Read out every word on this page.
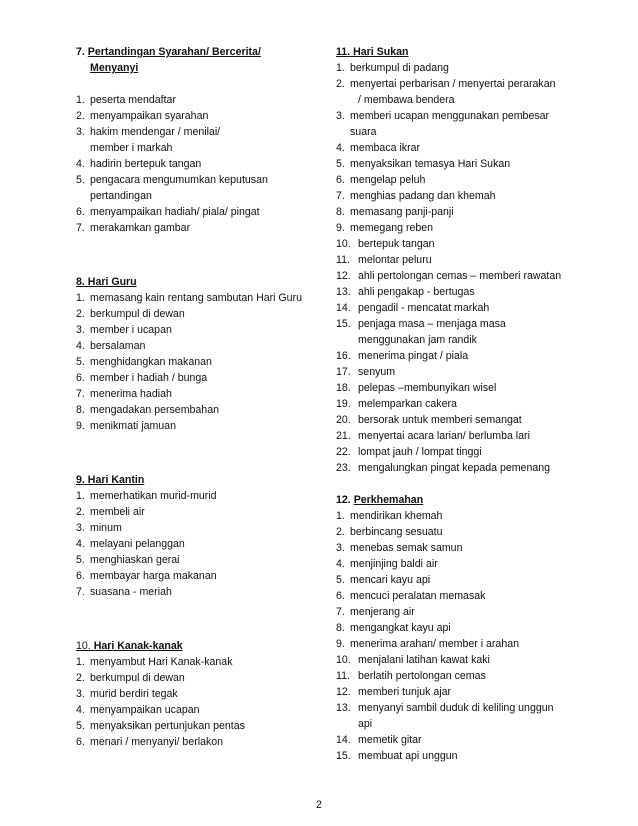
7. Pertandingan Syarahan/ Bercerita/
Menyanyi
1. peserta mendaftar
2. menyampaikan syarahan
3. hakim mendengar / menilai/
member i markah
4. hadirin bertepuk tangan
5. pengacara mengumumkan keputusan
pertandingan
6. menyampaikan hadiah/ piala/ pingat
7. merakamkan gambar
8. Hari Guru
1. memasang kain rentang sambutan Hari Guru
2. berkumpul di dewan
3. member i ucapan
4. bersalaman
5. menghidangkan makanan
6. member i hadiah / bunga
7. menerima hadiah
8. mengadakan persembahan
9. menikmati jamuan
9. Hari Kantin
1. memerhatikan murid-murid
2. membeli air
3. minum
4. melayani pelanggan
5. menghiaskan gerai
6. membayar harga makanan
7. suasana - meriah
10. Hari Kanak-kanak
1. menyambut Hari Kanak-kanak
2. berkumpul di dewan
3. murid berdiri tegak
4. menyampaikan ucapan
5. menyaksikan pertunjukan pentas
6. menari / menyanyi/ berlakon
11. Hari Sukan
1. berkumpul di padang
2. menyertai perbarisan / menyertai perarakan
/ membawa bendera
3. memberi ucapan menggunakan pembesar
suara
4. membaca ikrar
5. menyaksikan temasya Hari Sukan
6. mengelap peluh
7. menghias padang dan khemah
8. memasang panji-panji
9. memegang reben
10. bertepuk tangan
11. melontar peluru
12. ahli pertolongan cemas – memberi rawatan
13. ahli pengakap - bertugas
14. pengadil - mencatat markah
15. penjaga masa – menjaga masa
menggunakan jam randik
16. menerima pingat / piala
17. senyum
18. pelepas –membunyikan wisel
19. melemparkan cakera
20. bersorak untuk memberi semangat
21. menyertai acara larian/ berlumba lari
22. lompat jauh / lompat tinggi
23. mengalungkan pingat kepada pemenang
12. Perkhemahan
1. mendirikan khemah
2. berbincang sesuatu
3. menebas semak samun
4. menjinjing baldi air
5. mencari kayu api
6. mencuci peralatan memasak
7. menjerang air
8. mengangkat kayu api
9. menerima arahan/ member i arahan
10. menjalani latihan kawat kaki
11. berlatih pertolongan cemas
12. memberi tunjuk ajar
13. menyanyi sambil duduk di keliling unggun
api
14. memetik gitar
15. membuat api unggun
2
